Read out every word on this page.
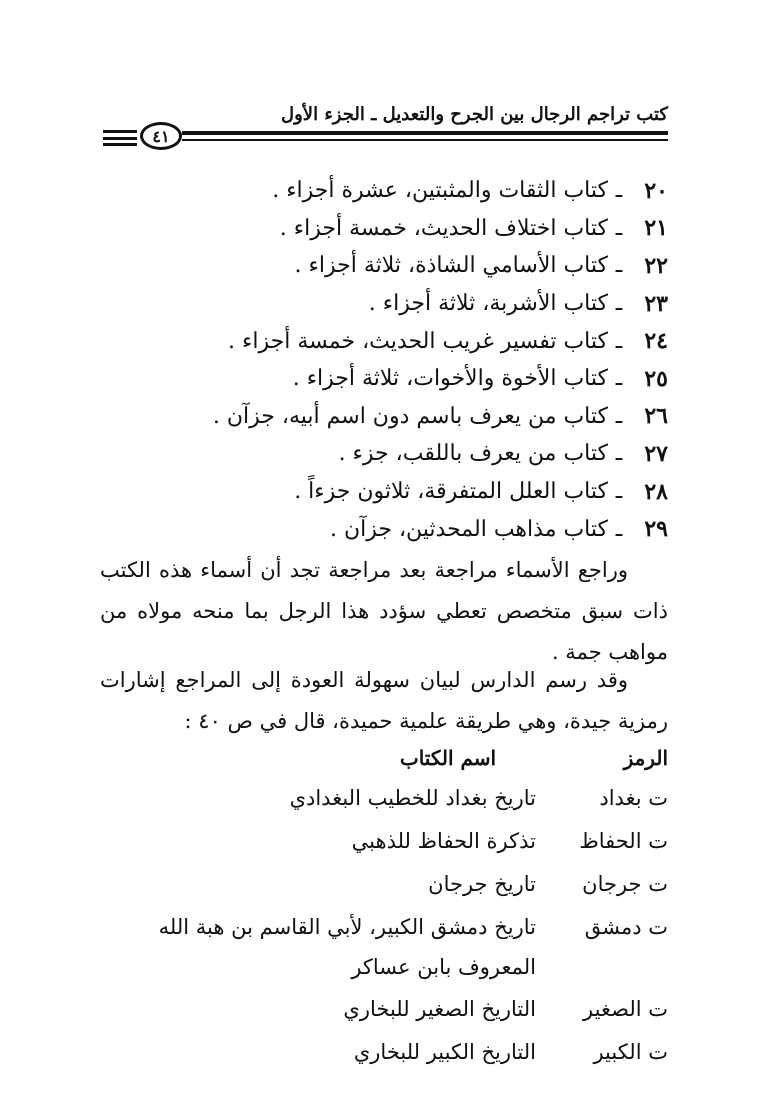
كتب تراجم الرجال بين الجرح والتعديل ـ الجزء الأول
٤١
٢٠
ـ
كتاب الثقات والمثبتين، عشرة أجزاء .
٢١
ـ
كتاب اختلاف الحديث، خمسة أجزاء .
٢٢
ـ
كتاب الأسامي الشاذة، ثلاثة أجزاء .
٢٣
ـ
كتاب الأشربة، ثلاثة أجزاء .
٢٤
ـ
كتاب تفسير غريب الحديث، خمسة أجزاء .
٢٥
ـ
كتاب الأخوة والأخوات، ثلاثة أجزاء .
٢٦
ـ
كتاب من يعرف باسم دون اسم أبيه، جزآن .
٢٧
ـ
كتاب من يعرف باللقب، جزء .
٢٨
ـ
كتاب العلل المتفرقة، ثلاثون جزءاً .
٢٩
ـ
كتاب مذاهب المحدثين، جزآن .
وراجع الأسماء مراجعة بعد مراجعة تجد أن أسماء هذه الكتب ذات سبق متخصص تعطي سؤدد هذا الرجل بما منحه مولاه من مواهب جمة .
وقد رسم الدارس لبيان سهولة العودة إلى المراجع إشارات رمزية جيدة، وهي طريقة علمية حميدة، قال في ص ٤٠ :
الرمز
اسم الكتاب
ت بغداد
تاريخ بغداد للخطيب البغدادي
ت الحفاظ
تذكرة الحفاظ للذهبي
ت جرجان
تاريخ جرجان
ت دمشق
تاريخ دمشق الكبير، لأبي القاسم بن هبة الله المعروف بابن عساكر
ت الصغير
التاريخ الصغير للبخاري
ت الكبير
التاريخ الكبير للبخاري
